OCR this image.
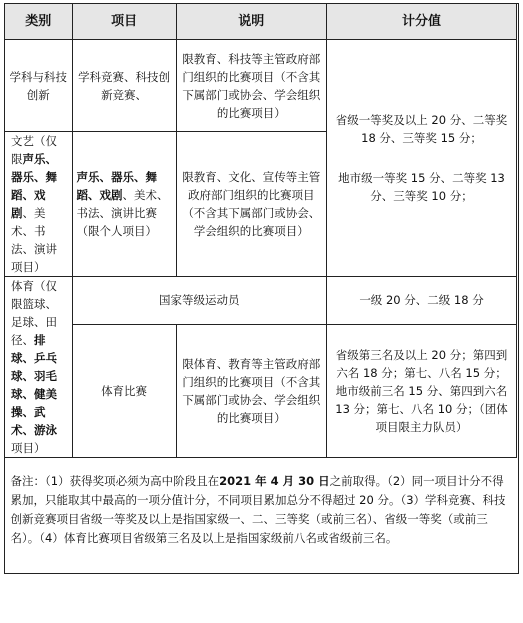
类别	项目	说明	计分值
学科与科技创新	学科竞赛、科技创新竞赛、	限教育、科技等主管政府部门组织的比赛项目（不含其下属部门或协会、学会组织的比赛项目）	省级一等奖及以上 20 分、二等奖 18 分、三等奖 15 分；
地市级一等奖 15 分、二等奖 13 分、三等奖 10 分；

文艺（仅限声乐、器乐、舞蹈、戏剧、美术、书法、演讲项目）	声乐、器乐、舞蹈、戏剧、美术、书法、演讲比赛（限个人项目）	限教育、文化、宣传等主管政府部门组织的比赛项目（不含其下属部门或协会、学会组织的比赛项目）	
体育（仅限篮球、足球、田径、排球、乒乓球、羽毛球、健美操、武术、游泳项目）	国家等级运动员		一级 20 分、二级 18 分
	体育比赛	限体育、教育等主管政府部门组织的比赛项目（不含其下属部门或协会、学会组织的比赛项目）	省级第三名及以上 20 分；第四到六名 18 分；第七、八名 15 分；地市级前三名 15 分、第四到六名 13 分；第七、八名 10 分；（团体项目限主力队员）
备注：（1）获得奖项必须为高中阶段且在2021 年 4 月 30 日之前取得。（2）同一项目计分不得累加，只能取其中最高的一项分值计分，不同项目累加总分不得超过 20 分。（3）学科竞赛、科技创新竞赛项目省级一等奖及以上是指国家级一、二、三等奖（或前三名）、省级一等奖（或前三名）。（4）体育比赛项目省级第三名及以上是指国家级前八名或省级前三名。			
